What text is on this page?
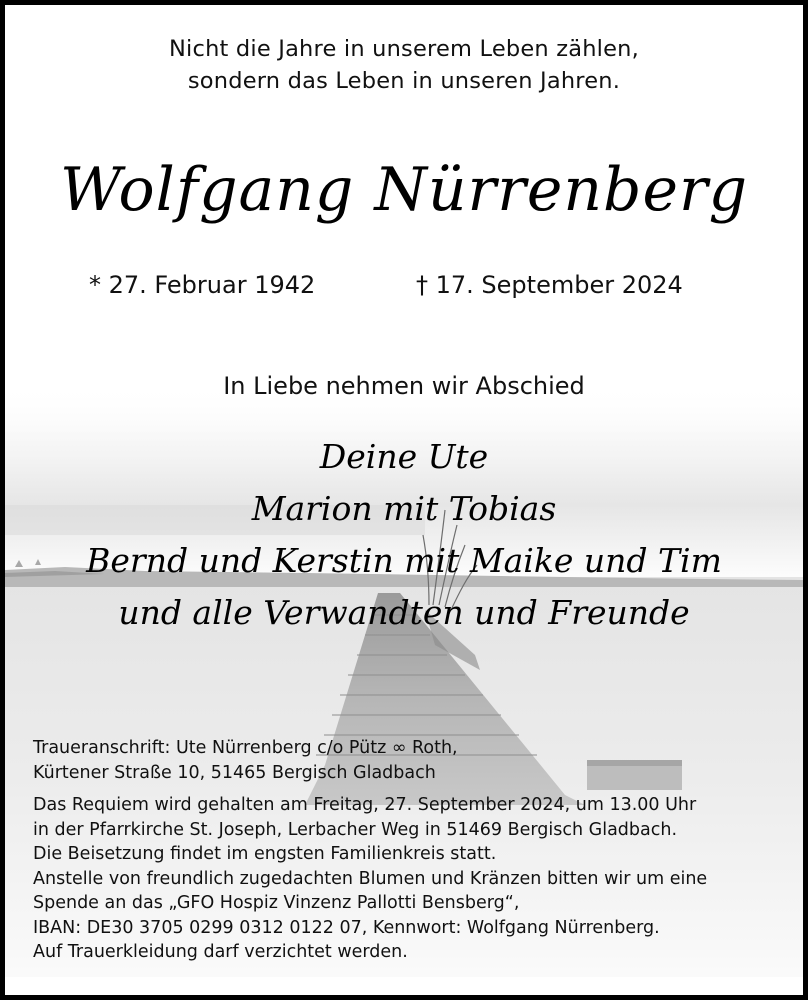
Nicht die Jahre in unserem Leben zählen,
sondern das Leben in unseren Jahren.
Wolfgang Nürrenberg
* 27. Februar 1942	† 17. September 2024
In Liebe nehmen wir Abschied
Deine Ute
Marion mit Tobias
Bernd und Kerstin mit Maike und Tim
und alle Verwandten und Freunde
Traueranschrift: Ute Nürrenberg c/o Pütz ∞ Roth,
Kürtener Straße 10, 51465 Bergisch Gladbach
Das Requiem wird gehalten am Freitag, 27. September 2024, um 13.00 Uhr
in der Pfarrkirche St. Joseph, Lerbacher Weg in 51469 Bergisch Gladbach.
Die Beisetzung findet im engsten Familienkreis statt.
Anstelle von freundlich zugedachten Blumen und Kränzen bitten wir um eine
Spende an das „GFO Hospiz Vinzenz Pallotti Bensberg“,
IBAN: DE30 3705 0299 0312 0122 07, Kennwort: Wolfgang Nürrenberg.
Auf Trauerkleidung darf verzichtet werden.
